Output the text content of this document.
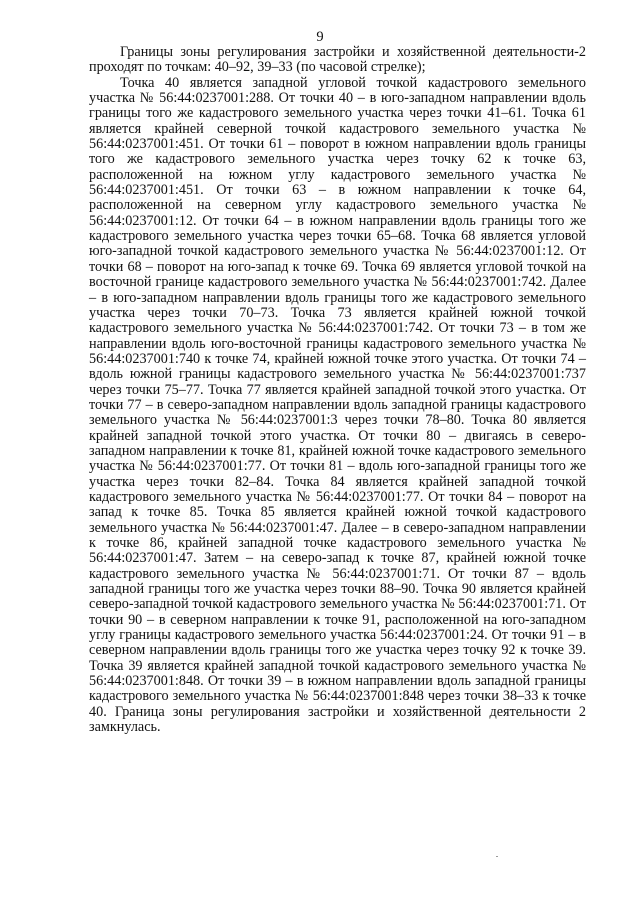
9

Границы зоны регулирования застройки и хозяйственной деятельности-2 проходят по точкам: 40–92, 39–33 (по часовой стрелке);

Точка 40 является западной угловой точкой кадастрового земельного участка № 56:44:0237001:288. От точки 40 – в юго-западном направлении вдоль границы того же кадастрового земельного участка через точки 41–61. Точка 61 является крайней северной точкой кадастрового земельного участка № 56:44:0237001:451. От точки 61 – поворот в южном направлении вдоль границы того же кадастрового земельного участка через точку 62 к точке 63, расположенной на южном углу кадастрового земельного участка № 56:44:0237001:451. От точки 63 – в южном направлении к точке 64, расположенной на северном углу кадастрового земельного участка № 56:44:0237001:12. От точки 64 – в южном направлении вдоль границы того же кадастрового земельного участка через точки 65–68. Точка 68 является угловой юго-западной точкой кадастрового земельного участка № 56:44:0237001:12. От точки 68 – поворот на юго-запад к точке 69. Точка 69 является угловой точкой на восточной границе кадастрового земельного участка № 56:44:0237001:742. Далее – в юго-западном направлении вдоль границы того же кадастрового земельного участка через точки 70–73. Точка 73 является крайней южной точкой кадастрового земельного участка № 56:44:0237001:742. От точки 73 – в том же направлении вдоль юго-восточной границы кадастрового земельного участка № 56:44:0237001:740 к точке 74, крайней южной точке этого участка. От точки 74 – вдоль южной границы кадастрового земельного участка № 56:44:0237001:737 через точки 75–77. Точка 77 является крайней западной точкой этого участка. От точки 77 – в северо-западном направлении вдоль западной границы кадастрового земельного участка № 56:44:0237001:3 через точки 78–80. Точка 80 является крайней западной точкой этого участка. От точки 80 – двигаясь в северо-западном направлении к точке 81, крайней южной точке кадастрового земельного участка № 56:44:0237001:77. От точки 81 – вдоль юго-западной границы того же участка через точки 82–84. Точка 84 является крайней западной точкой кадастрового земельного участка № 56:44:0237001:77. От точки 84 – поворот на запад к точке 85. Точка 85 является крайней южной точкой кадастрового земельного участка № 56:44:0237001:47. Далее – в северо-западном направлении к точке 86, крайней западной точке кадастрового земельного участка № 56:44:0237001:47. Затем – на северо-запад к точке 87, крайней южной точке кадастрового земельного участка № 56:44:0237001:71. От точки 87 – вдоль западной границы того же участка через точки 88–90. Точка 90 является крайней северо-западной точкой кадастрового земельного участка № 56:44:0237001:71. От точки 90 – в северном направлении к точке 91, расположенной на юго-западном углу границы кадастрового земельного участка 56:44:0237001:24. От точки 91 – в северном направлении вдоль границы того же участка через точку 92 к точке 39. Точка 39 является крайней западной точкой кадастрового земельного участка № 56:44:0237001:848. От точки 39 – в южном направлении вдоль западной границы кадастрового земельного участка № 56:44:0237001:848 через точки 38–33 к точке 40. Граница зоны регулирования застройки и хозяйственной деятельности 2 замкнулась.
